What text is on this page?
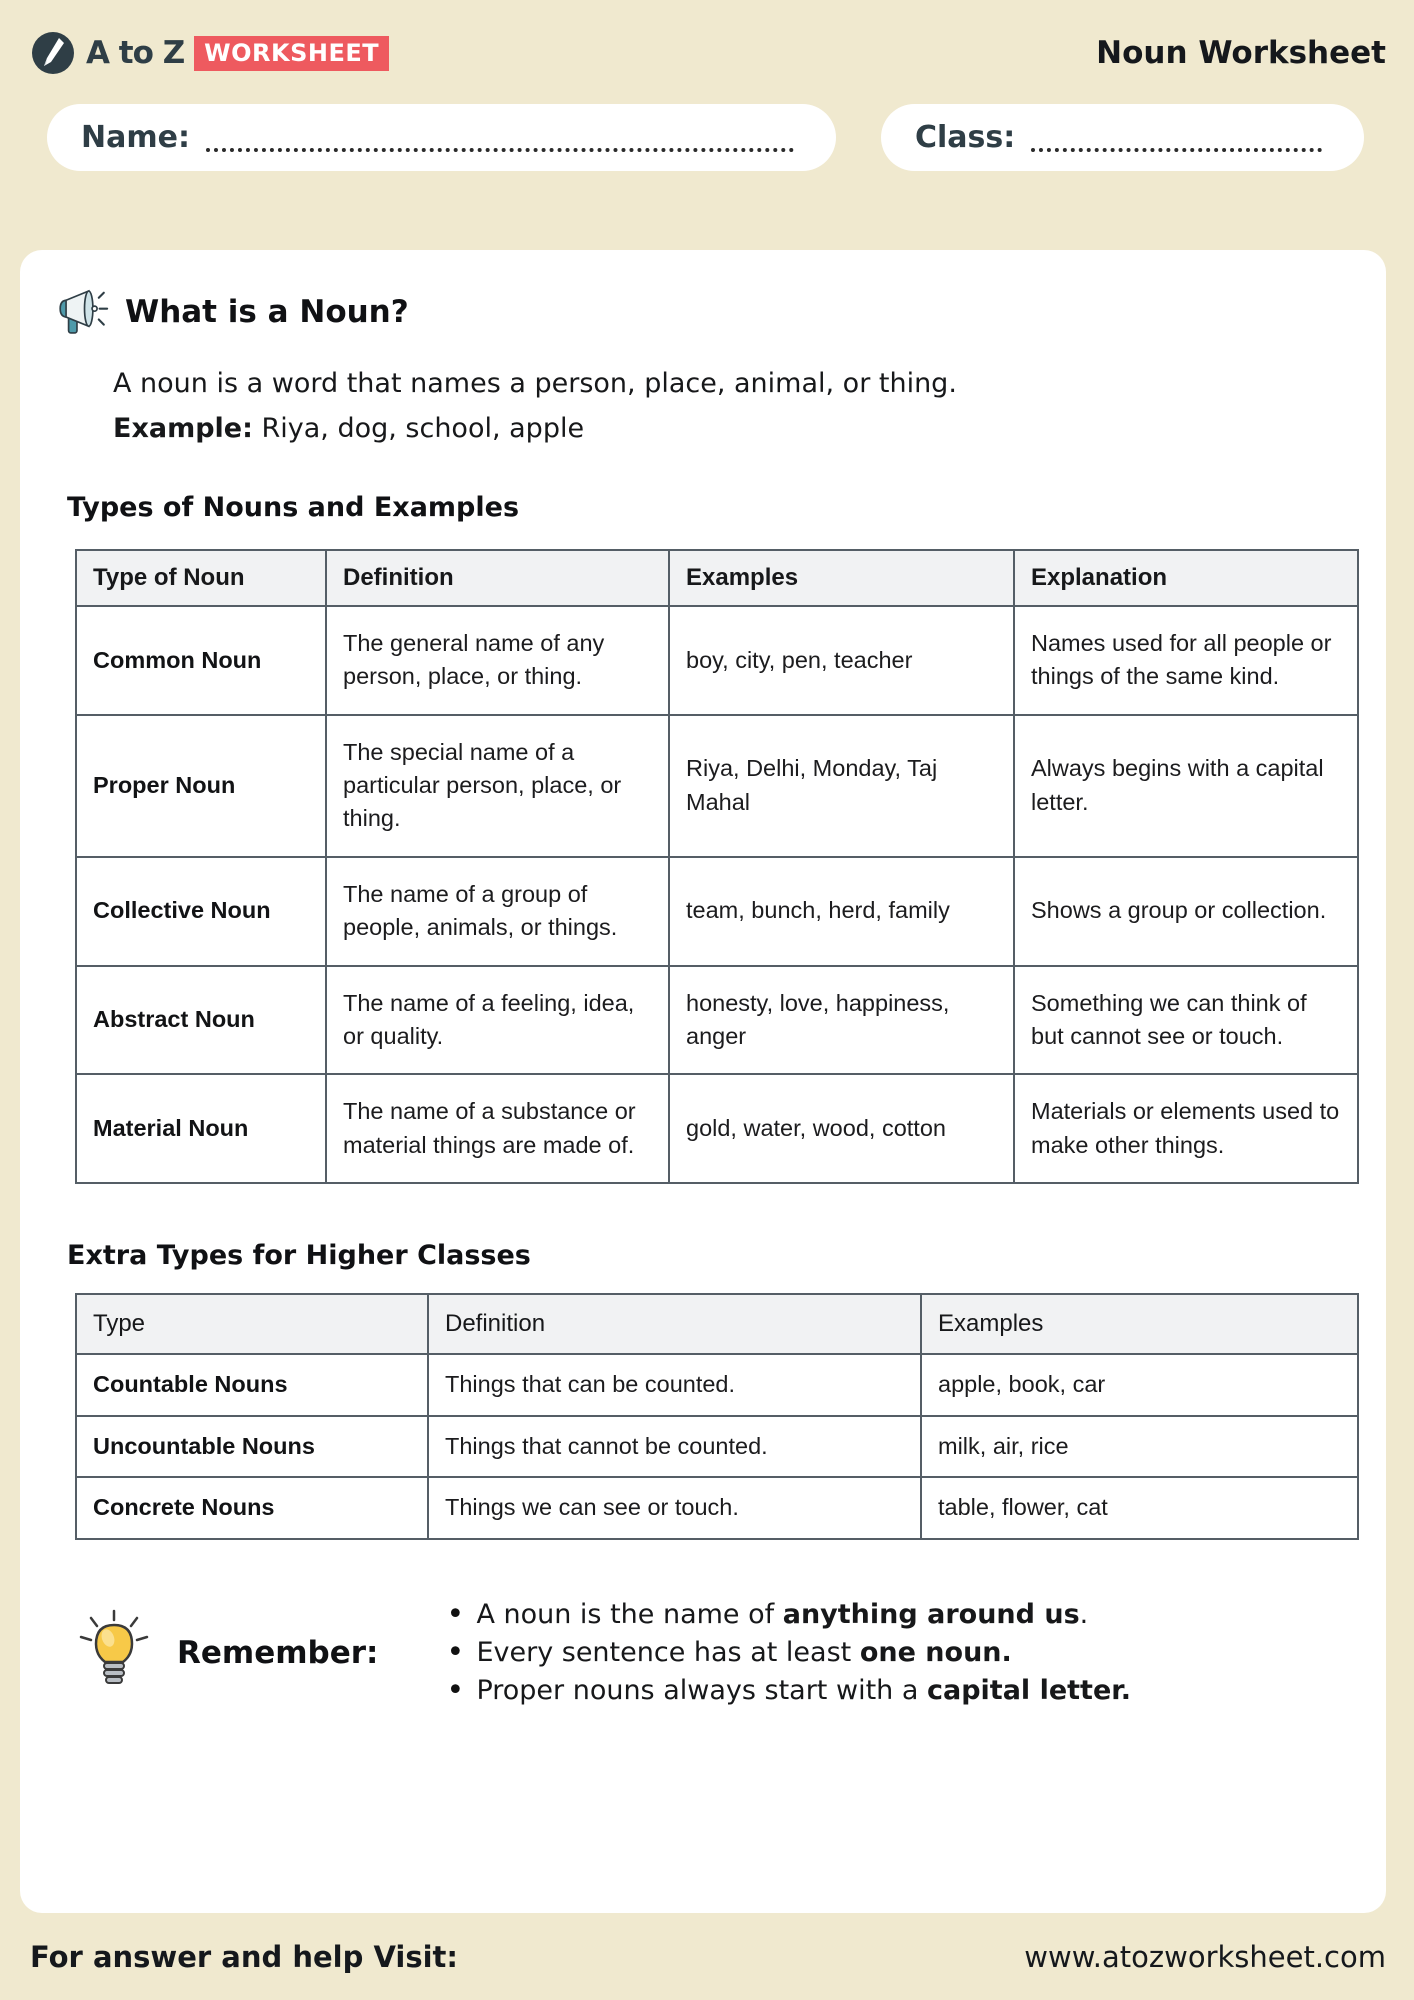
A to Z WORKSHEET	Noun Worksheet
Name:	Class:
What is a Noun?

A noun is a word that names a person, place, animal, or thing.

Example: Riya, dog, school, apple

Types of Nouns and Examples
Type of Noun	Definition	Examples	Explanation
Common Noun	The general name of any person, place, or thing.	boy, city, pen, teacher	Names used for all people or things of the same kind.
Proper Noun	The special name of a particular person, place, or thing.	Riya, Delhi, Monday, Taj Mahal	Always begins with a capital letter.
Collective Noun	The name of a group of people, animals, or things.	team, bunch, herd, family	Shows a group or collection.
Abstract Noun	The name of a feeling, idea, or quality.	honesty, love, happiness, anger	Something we can think of but cannot see or touch.
Material Noun	The name of a substance or material things are made of.	gold, water, wood, cotton	Materials or elements used to make other things.
Extra Types for Higher Classes
Type	Definition	Examples
Countable Nouns	Things that can be counted.	apple, book, car
Uncountable Nouns	Things that cannot be counted.	milk, air, rice
Concrete Nouns	Things we can see or touch.	table, flower, cat
Remember:
• A noun is the name of anything around us.
• Every sentence has at least one noun.
• Proper nouns always start with a capital letter.
For answer and help Visit:	www.atozworksheet.com
